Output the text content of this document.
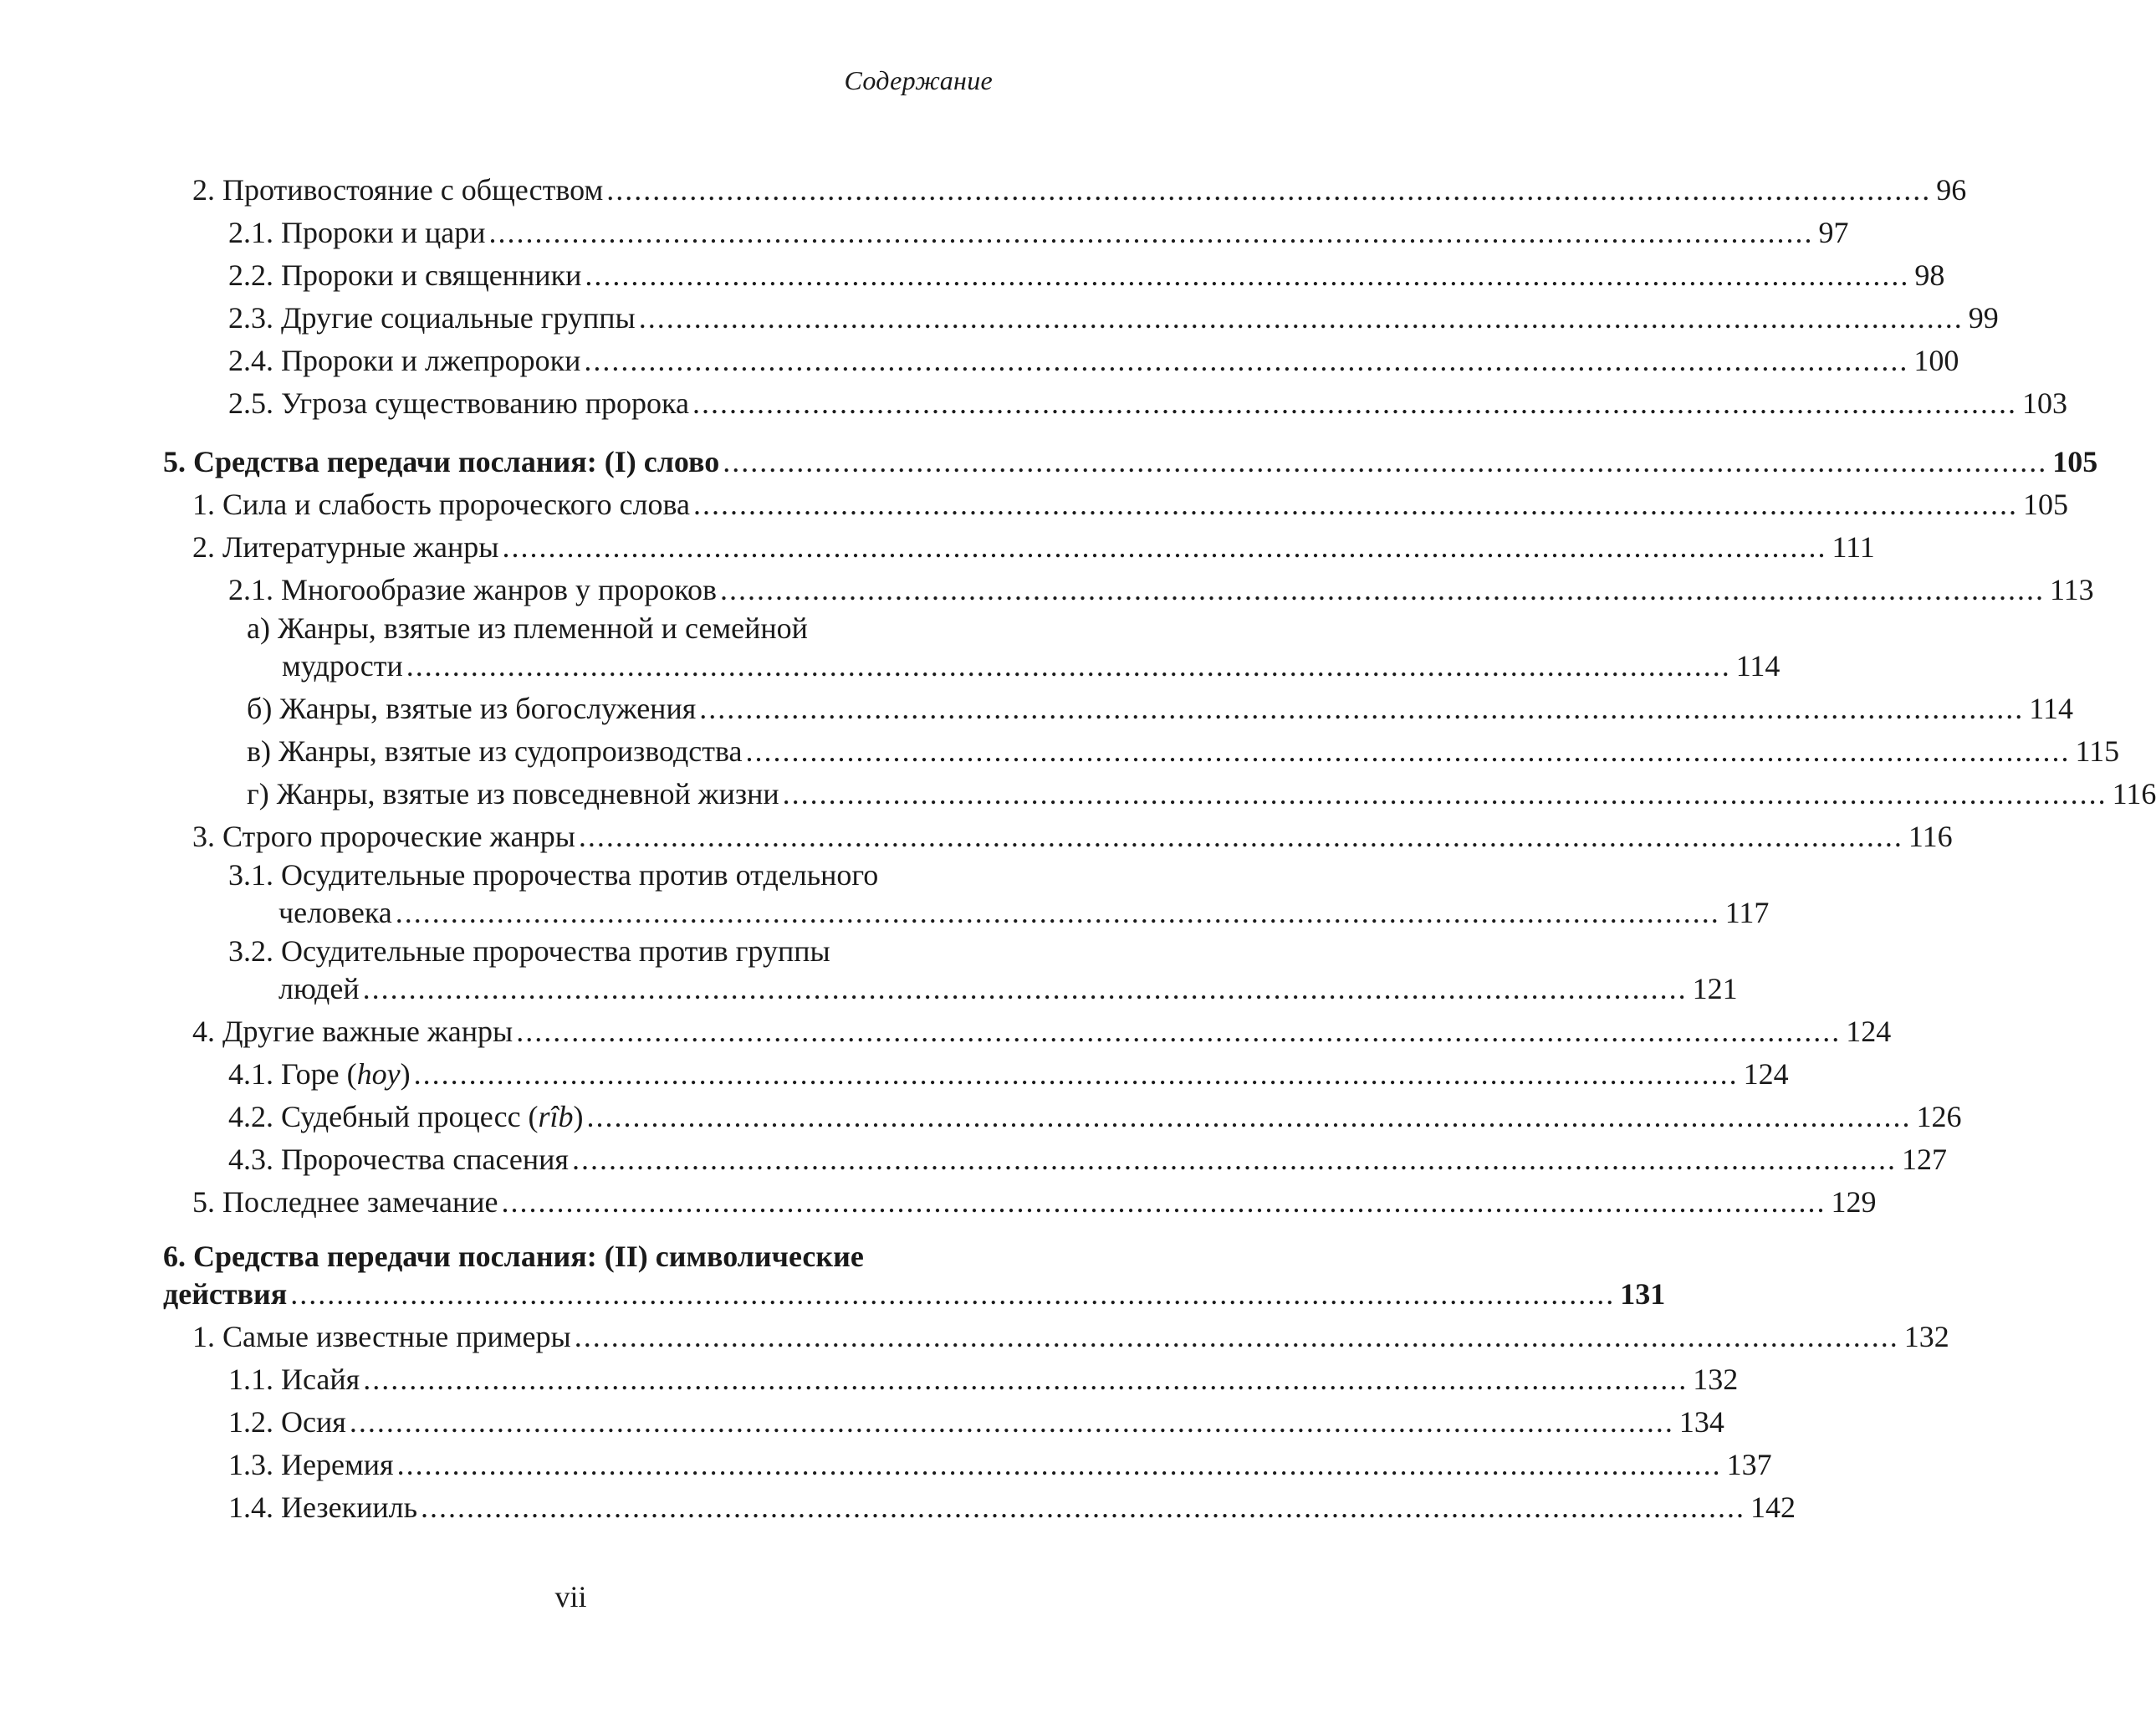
Содержание
2. Противостояние с обществом ................................................................................................................................................ 96
2.1. Пророки и цари ................................................................................................................................................ 97
2.2. Пророки и священники ................................................................................................................................................ 98
2.3. Другие социальные группы ................................................................................................................................................ 99
2.4. Пророки и лжепророки ................................................................................................................................................ 100
2.5. Угроза существованию пророка ................................................................................................................................................ 103
5. Средства передачи послания: (I) слово ................................................................................................................................................ 105
1. Сила и слабость пророческого слова ................................................................................................................................................ 105
2. Литературные жанры ................................................................................................................................................ 111
2.1. Многообразие жанров у пророков ................................................................................................................................................ 113
а) Жанры, взятые из племенной и семейной
мудрости ................................................................................................................................................ 114
б) Жанры, взятые из богослужения ................................................................................................................................................ 114
в) Жанры, взятые из судопроизводства ................................................................................................................................................ 115
г) Жанры, взятые из повседневной жизни ................................................................................................................................................ 116
3. Строго пророческие жанры ................................................................................................................................................ 116
3.1. Осудительные пророчества против отдельного
человека ................................................................................................................................................ 117
3.2. Осудительные пророчества против группы
людей ................................................................................................................................................ 121
4. Другие важные жанры ................................................................................................................................................ 124
4.1. Горе (hoy) ................................................................................................................................................ 124
4.2. Судебный процесс (rîb) ................................................................................................................................................ 126
4.3. Пророчества спасения ................................................................................................................................................ 127
5. Последнее замечание ................................................................................................................................................ 129
6. Средства передачи послания: (II) символические
действия ................................................................................................................................................ 131
1. Самые известные примеры ................................................................................................................................................ 132
1.1. Исайя ................................................................................................................................................ 132
1.2. Осия ................................................................................................................................................ 134
1.3. Иеремия ................................................................................................................................................ 137
1.4. Иезекииль ................................................................................................................................................ 142
vii
